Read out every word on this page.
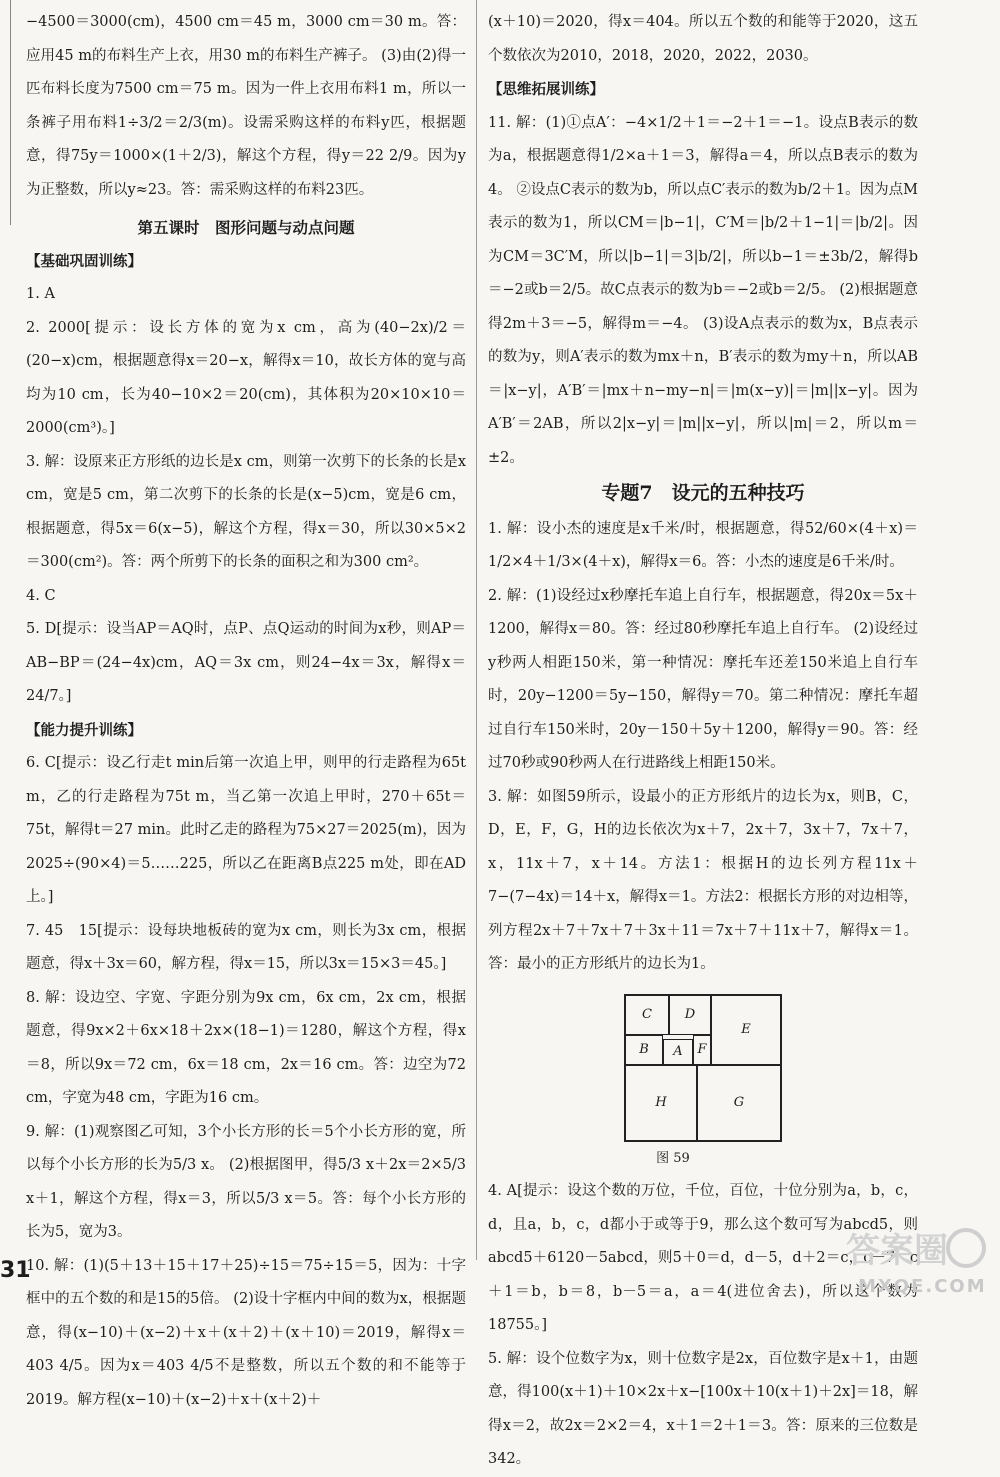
−4500＝3000(cm)，4500 cm＝45 m，3000 cm＝30 m。答：应用45 m的布料生产上衣，用30 m的布料生产裤子。 (3)由(2)得一匹布料长度为7500 cm＝75 m。因为一件上衣用布料1 m，所以一条裤子用布料1÷3/2＝2/3(m)。设需采购这样的布料y匹，根据题意，得75y＝1000×(1＋2/3)，解这个方程，得y＝22 2/9。因为y为正整数，所以y≈23。答：需采购这样的布料23匹。

第五课时　图形问题与动点问题

【基础巩固训练】

1. A

2. 2000[提示：设长方体的宽为x cm，高为(40−2x)/2＝(20−x)cm，根据题意得x＝20−x，解得x＝10，故长方体的宽与高均为10 cm，长为40−10×2＝20(cm)，其体积为20×10×10＝2000(cm³)。]

3. 解：设原来正方形纸的边长是x cm，则第一次剪下的长条的长是x cm，宽是5 cm，第二次剪下的长条的长是(x−5)cm，宽是6 cm，根据题意，得5x＝6(x−5)，解这个方程，得x＝30，所以30×5×2＝300(cm²)。答：两个所剪下的长条的面积之和为300 cm²。

4. C

5. D[提示：设当AP＝AQ时，点P、点Q运动的时间为x秒，则AP＝AB−BP＝(24−4x)cm，AQ＝3x cm，则24−4x＝3x，解得x＝24/7。]

【能力提升训练】

6. C[提示：设乙行走t min后第一次追上甲，则甲的行走路程为65t m，乙的行走路程为75t m，当乙第一次追上甲时，270＋65t＝75t，解得t＝27 min。此时乙走的路程为75×27＝2025(m)，因为2025÷(90×4)＝5……225，所以乙在距离B点225 m处，即在AD上。]

7. 45　15[提示：设每块地板砖的宽为x cm，则长为3x cm，根据题意，得x＋3x＝60，解方程，得x＝15，所以3x＝15×3＝45。]

8. 解：设边空、字宽、字距分别为9x cm，6x cm，2x cm，根据题意，得9x×2＋6x×18＋2x×(18−1)＝1280，解这个方程，得x＝8，所以9x＝72 cm，6x＝18 cm，2x＝16 cm。答：边空为72 cm，字宽为48 cm，字距为16 cm。

9. 解：(1)观察图乙可知，3个小长方形的长＝5个小长方形的宽，所以每个小长方形的长为5/3 x。 (2)根据图甲，得5/3 x＋2x＝2×5/3 x＋1，解这个方程，得x＝3，所以5/3 x＝5。答：每个小长方形的长为5，宽为3。

10. 解：(1)(5＋13＋15＋17＋25)÷15＝75÷15＝5，因为：十字框中的五个数的和是15的5倍。 (2)设十字框内中间的数为x，根据题意，得(x−10)＋(x−2)＋x＋(x＋2)＋(x＋10)＝2019，解得x＝403 4/5。因为x＝403 4/5不是整数，所以五个数的和不能等于2019。解方程(x−10)＋(x−2)＋x＋(x＋2)＋

(x＋10)＝2020，得x＝404。所以五个数的和能等于2020，这五个数依次为2010，2018，2020，2022，2030。

【思维拓展训练】

11. 解：(1)①点A′：−4×1/2＋1＝−2＋1＝−1。设点B表示的数为a，根据题意得1/2×a＋1＝3，解得a＝4，所以点B表示的数为4。 ②设点C表示的数为b，所以点C′表示的数为b/2＋1。因为点M表示的数为1，所以CM＝|b−1|，C′M＝|b/2＋1−1|＝|b/2|。因为CM＝3C′M，所以|b−1|＝3|b/2|，所以b−1＝±3b/2，解得b＝−2或b＝2/5。故C点表示的数为b＝−2或b＝2/5。 (2)根据题意得2m＋3＝−5，解得m＝−4。 (3)设A点表示的数为x，B点表示的数为y，则A′表示的数为mx＋n，B′表示的数为my＋n，所以AB＝|x−y|，A′B′＝|mx＋n−my−n|＝|m(x−y)|＝|m||x−y|。因为A′B′＝2AB，所以2|x−y|＝|m||x−y|，所以|m|＝2，所以m＝±2。

专题7　设元的五种技巧

1. 解：设小杰的速度是x千米/时，根据题意，得52/60×(4＋x)＝1/2×4＋1/3×(4＋x)，解得x＝6。答：小杰的速度是6千米/时。

2. 解：(1)设经过x秒摩托车追上自行车，根据题意，得20x＝5x＋1200，解得x＝80。答：经过80秒摩托车追上自行车。 (2)设经过y秒两人相距150米，第一种情况：摩托车还差150米追上自行车时，20y−1200＝5y−150，解得y＝70。第二种情况：摩托车超过自行车150米时，20y－150＋5y＋1200，解得y＝90。答：经过70秒或90秒两人在行进路线上相距150米。

3. 解：如图59所示，设最小的正方形纸片的边长为x，则B，C，D，E，F，G，H的边长依次为x＋7，2x＋7，3x＋7，7x＋7，x，11x＋7，x＋14。方法1：根据H的边长列方程11x＋7−(7−4x)＝14＋x，解得x＝1。方法2：根据长方形的对边相等，列方程2x＋7＋7x＋7＋3x＋11＝7x＋7＋11x＋7，解得x＝1。答：最小的正方形纸片的边长为1。

C	D
E
B	A	F
H	G
图 59

4. A[提示：设这个数的万位，千位，百位，十位分别为a，b，c，d，且a，b，c，d都小于或等于9，那么这个数可写为abcd5，则abcd5＋6120－5abcd，则5＋0＝d，d－5，d＋2＝c，c－7，c＋1＝b，b＝8，b－5＝a，a＝4(进位舍去)，所以这个数为18755。]

5. 解：设个位数字为x，则十位数字是2x，百位数字是x＋1，由题意，得100(x＋1)＋10×2x＋x−[100x＋10(x＋1)＋2x]＝18，解得x＝2，故2x＝2×2＝4，x＋1＝2＋1＝3。答：原来的三位数是342。

31	答案圈
MXQE.COM
